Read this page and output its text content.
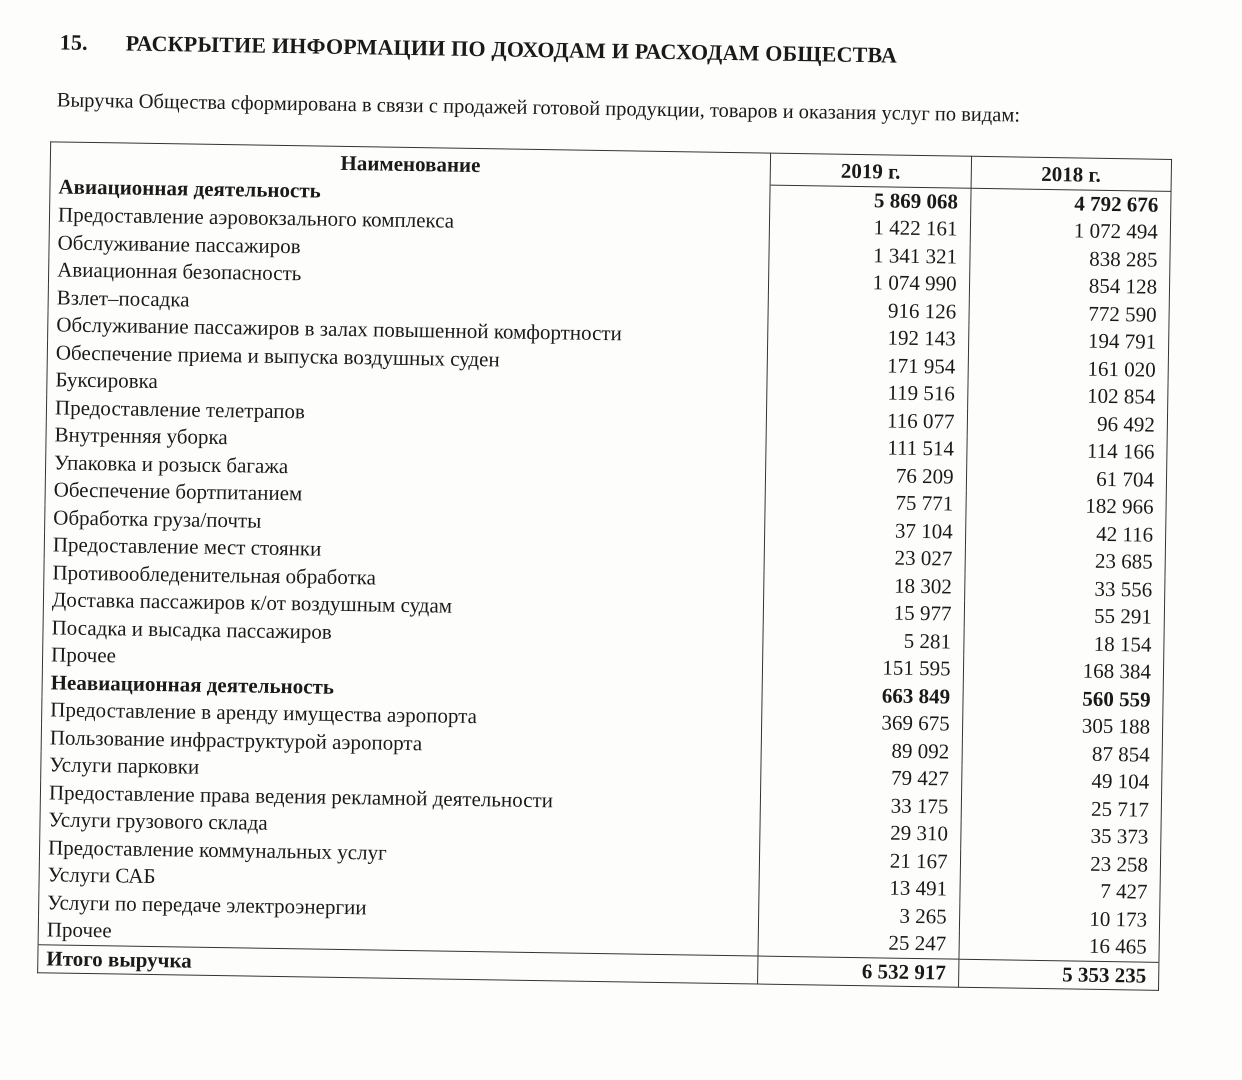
15.	РАСКРЫТИЕ ИНФОРМАЦИИ ПО ДОХОДАМ И РАСХОДАМ ОБЩЕСТВА
Выручка Общества сформирована в связи с продажей готовой продукции, товаров и оказания услуг по видам:
Наименование	2019 г.	2018 г.
Авиационная деятельность	5 869 068	4 792 676
Предоставление аэровокзального комплекса	1 422 161	1 072 494
Обслуживание пассажиров	1 341 321	838 285
Авиационная безопасность	1 074 990	854 128
Взлет–посадка	916 126	772 590
Обслуживание пассажиров в залах повышенной комфортности	192 143	194 791
Обеспечение приема и выпуска воздушных суден	171 954	161 020
Буксировка	119 516	102 854
Предоставление телетрапов	116 077	96 492
Внутренняя уборка	111 514	114 166
Упаковка и розыск багажа	76 209	61 704
Обеспечение бортпитанием	75 771	182 966
Обработка груза/почты	37 104	42 116
Предоставление мест стоянки	23 027	23 685
Противообледенительная обработка	18 302	33 556
Доставка пассажиров к/от воздушным судам	15 977	55 291
Посадка и высадка пассажиров	5 281	18 154
Прочее	151 595	168 384
Неавиационная деятельность	663 849	560 559
Предоставление в аренду имущества аэропорта	369 675	305 188
Пользование инфраструктурой аэропорта	89 092	87 854
Услуги парковки	79 427	49 104
Предоставление права ведения рекламной деятельности	33 175	25 717
Услуги грузового склада	29 310	35 373
Предоставление коммунальных услуг	21 167	23 258
Услуги САБ	13 491	7 427
Услуги по передаче электроэнергии	3 265	10 173
Прочее	25 247	16 465
Итого выручка	6 532 917	5 353 235
